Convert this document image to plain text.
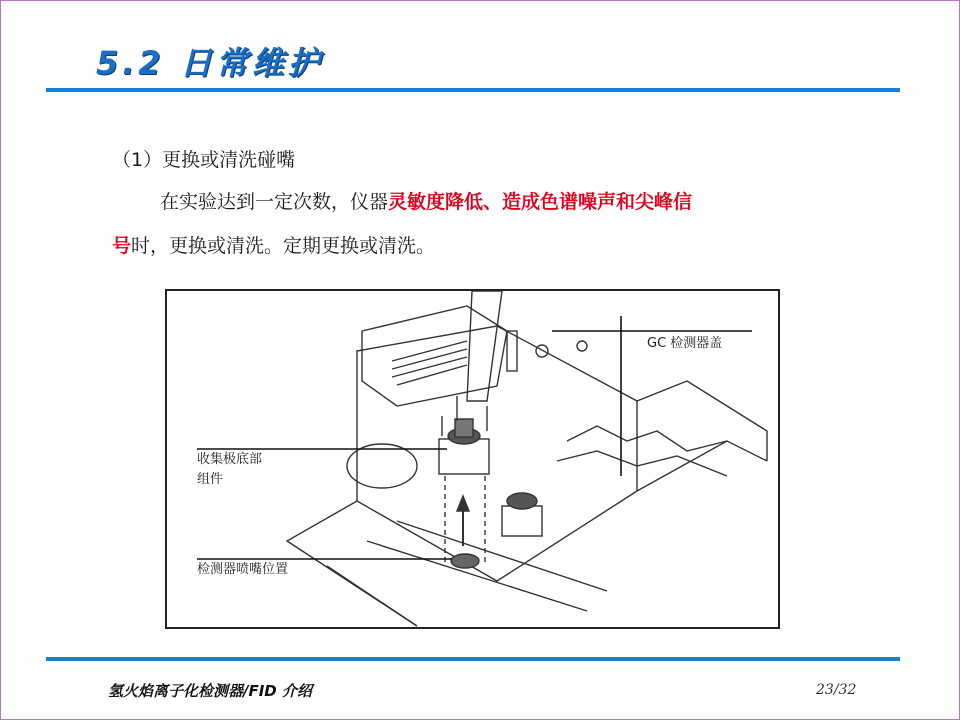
5.2 日常维护
（1）更换或清洗碰嘴
在实验达到一定次数，仪器灵敏度降低、造成色谱噪声和尖峰信
号时，更换或清洗。定期更换或清洗。
GC 检测器盖
收集极底部
组件
检测器喷嘴位置
氢火焰离子化检测器/FID 介绍	23/32
